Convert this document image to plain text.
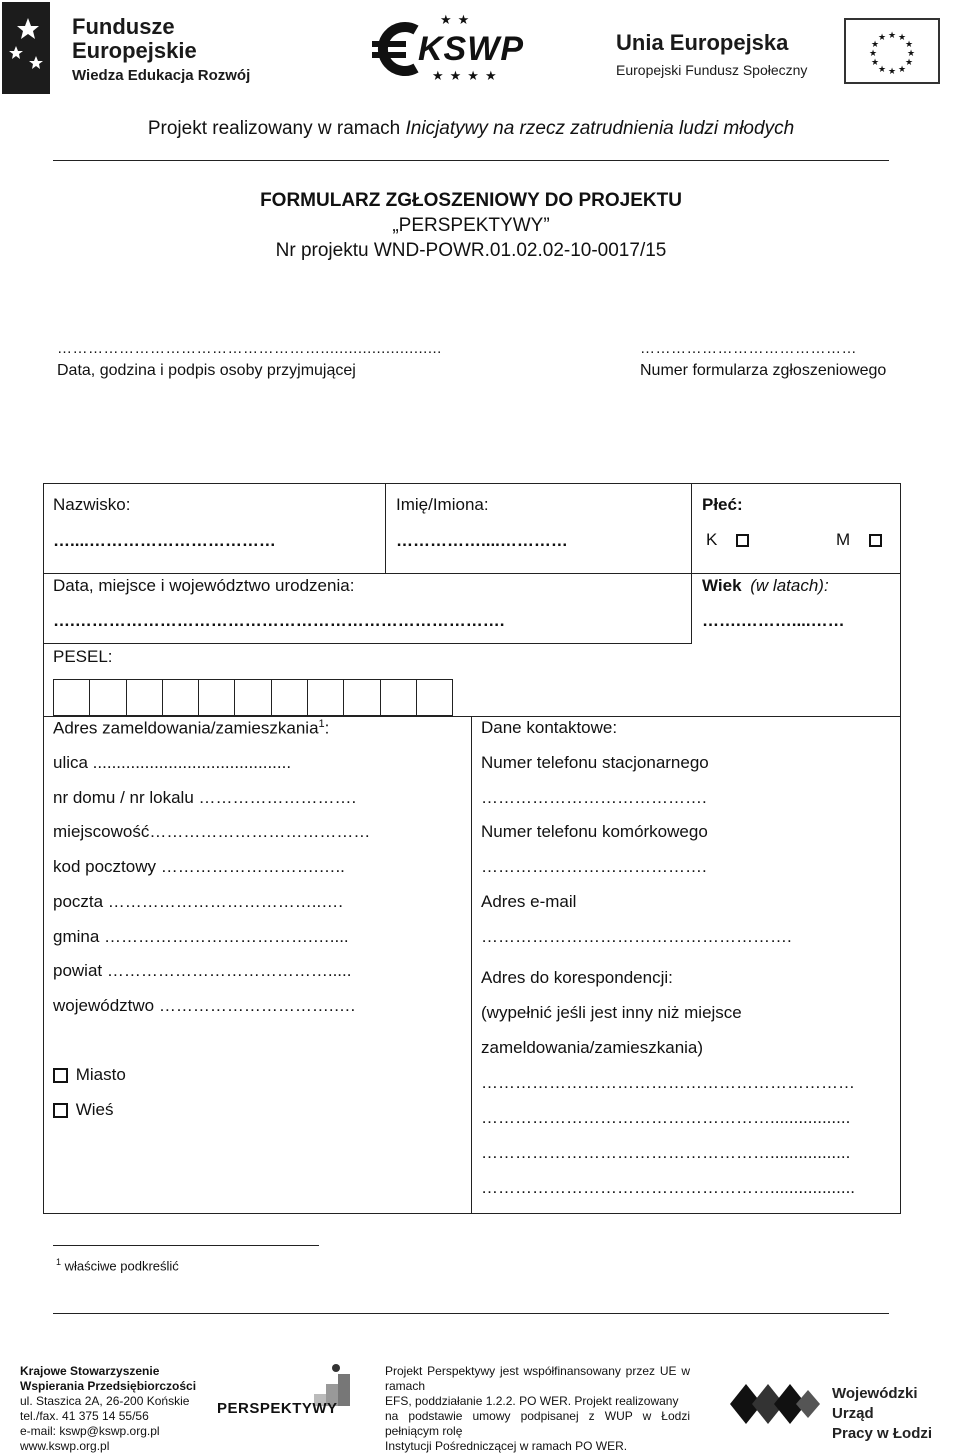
Fundusze
Europejskie
Wiedza Edukacja Rozwój
KSWP
★★
★★★★
Unia Europejska
Europejski Fundusz Społeczny
★ ★
★
★
★
★
★
★
★
★
★
★
Projekt realizowany w ramach Inicjatywy na rzecz zatrudnienia ludzi młodych
FORMULARZ ZGŁOSZENIOWY DO PROJEKTU
„PERSPEKTYWY”
Nr projektu WND-POWR.01.02.02-10-0017/15
……………………………………………..........................
Data, godzina i podpis osoby przyjmującej
……………………………………
Numer formularza zgłoszeniowego
Nazwisko:
…....……………………………
Imię/Imiona:
……………....…………
Płeć:
K	M
Data, miejsce i województwo urodzenia:
….………………………………………………………………….
Wiek (w latach):
…….………....……
PESEL:
Adres zameldowania/zamieszkania$^1$:
ulica ..........................................
nr domu / nr lokalu ……………………….
miejscowość…………………………………
kod pocztowy ……………………….…..
poczta ………………………………..….
gmina ……………………………….…....
powiat ………………………………….....
województwo ………………………….….
Miasto
Wieś
Dane kontaktowe:
Numer telefonu stacjonarnego
………………………………….
Numer telefonu komórkowego
………………………………….
Adres e-mail
……………………………………………….
Adres do korespondencji:
(wypełnić jeśli jest inny niż miejsce
zameldowania/zamieszkania)
…………………………………………………………
…………………………………………….................
…………………………………………….................
……………………………………………..................
$^1$ właściwe podkreślić
Krajowe Stowarzyszenie
Wspierania Przedsiębiorczości
ul. Staszica 2A, 26-200 Końskie
tel./fax. 41 375 14 55/56
e-mail: kswp@kswp.org.pl
www.kswp.org.pl
PERSPEKTYWY
Projekt Perspektywy jest współfinansowany przez UE w ramach
EFS, poddziałanie 1.2.2. PO WER. Projekt realizowany
na podstawie umowy podpisanej z WUP w Łodzi pełniącym rolę
Instytucji Pośredniczącej w ramach PO WER.
Wojewódzki Urząd
Pracy w Łodzi
